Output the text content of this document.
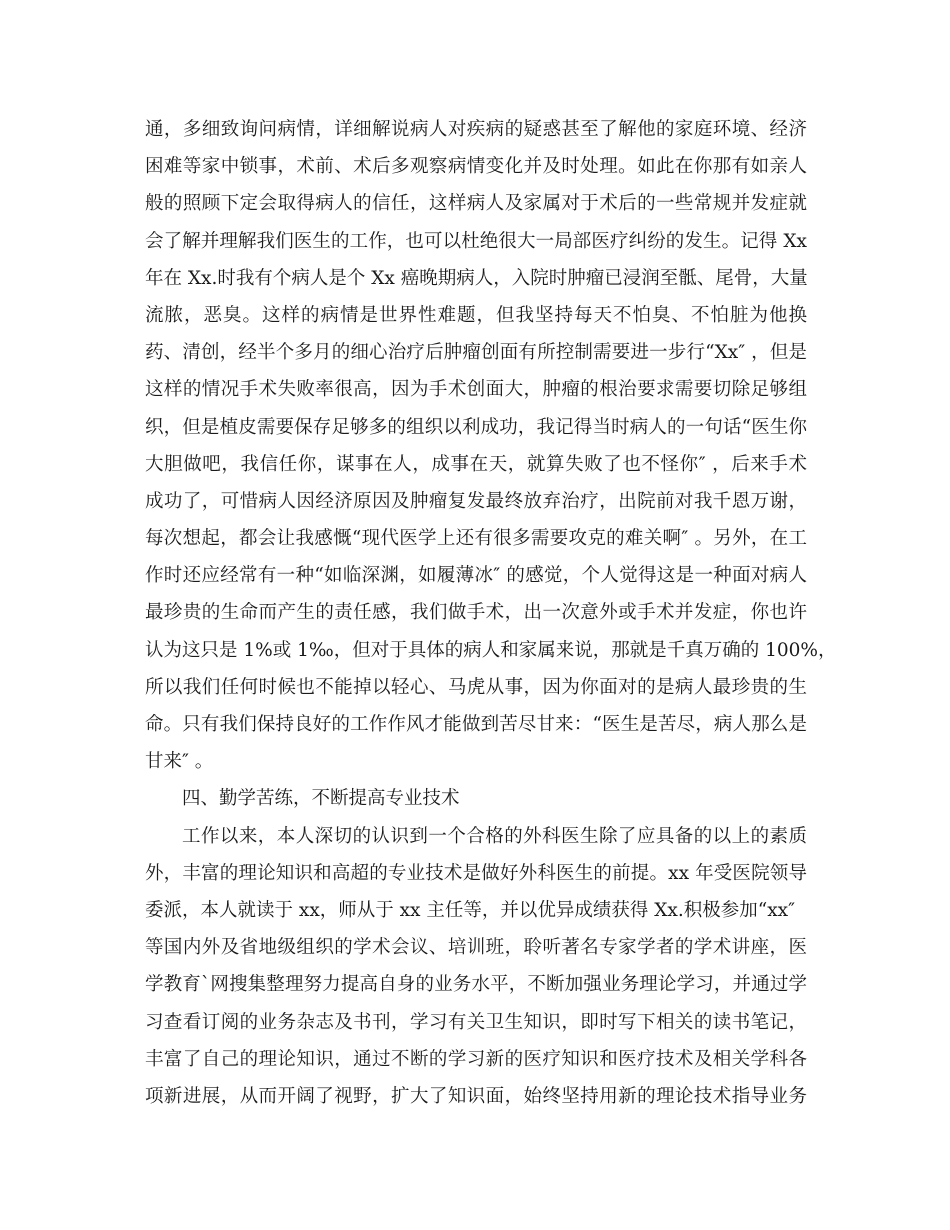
通，多细致询问病情，详细解说病人对疾病的疑惑甚至了解他的家庭环境、经济
困难等家中锁事，术前、术后多观察病情变化并及时处理。如此在你那有如亲人
般的照顾下定会取得病人的信任，这样病人及家属对于术后的一些常规并发症就
会了解并理解我们医生的工作，也可以杜绝很大一局部医疗纠纷的发生。记得 Xx
年在 Xx.时我有个病人是个 Xx 癌晚期病人，入院时肿瘤已浸润至骶、尾骨，大量
流脓，恶臭。这样的病情是世界性难题，但我坚持每天不怕臭、不怕脏为他换
药、清创，经半个多月的细心治疗后肿瘤创面有所控制需要进一步行“Xx″ ，但是
这样的情况手术失败率很高，因为手术创面大，肿瘤的根治要求需要切除足够组
织，但是植皮需要保存足够多的组织以利成功，我记得当时病人的一句话“医生你
大胆做吧，我信任你，谋事在人，成事在天，就算失败了也不怪你″ ，后来手术
成功了，可惜病人因经济原因及肿瘤复发最终放弃治疗，出院前对我千恩万谢，
每次想起，都会让我感慨“现代医学上还有很多需要攻克的难关啊″ 。另外，在工
作时还应经常有一种“如临深渊，如履薄冰″ 的感觉，个人觉得这是一种面对病人
最珍贵的生命而产生的责任感，我们做手术，出一次意外或手术并发症，你也许
认为这只是 1%或 1‰，但对于具体的病人和家属来说，那就是千真万确的 100%，
所以我们任何时候也不能掉以轻心、马虎从事，因为你面对的是病人最珍贵的生
命。只有我们保持良好的工作作风才能做到苦尽甘来：“医生是苦尽，病人那么是
甘来″ 。
四、勤学苦练，不断提高专业技术
工作以来，本人深切的认识到一个合格的外科医生除了应具备的以上的素质
外，丰富的理论知识和高超的专业技术是做好外科医生的前提。xx 年受医院领导
委派，本人就读于 xx，师从于 xx 主任等，并以优异成绩获得 Xx.积极参加“xx″
等国内外及省地级组织的学术会议、培训班，聆听著名专家学者的学术讲座，医
学教育`网搜集整理努力提高自身的业务水平，不断加强业务理论学习，并通过学
习查看订阅的业务杂志及书刊，学习有关卫生知识，即时写下相关的读书笔记，
丰富了自己的理论知识，通过不断的学习新的医疗知识和医疗技术及相关学科各
项新进展，从而开阔了视野，扩大了知识面，始终坚持用新的理论技术指导业务
